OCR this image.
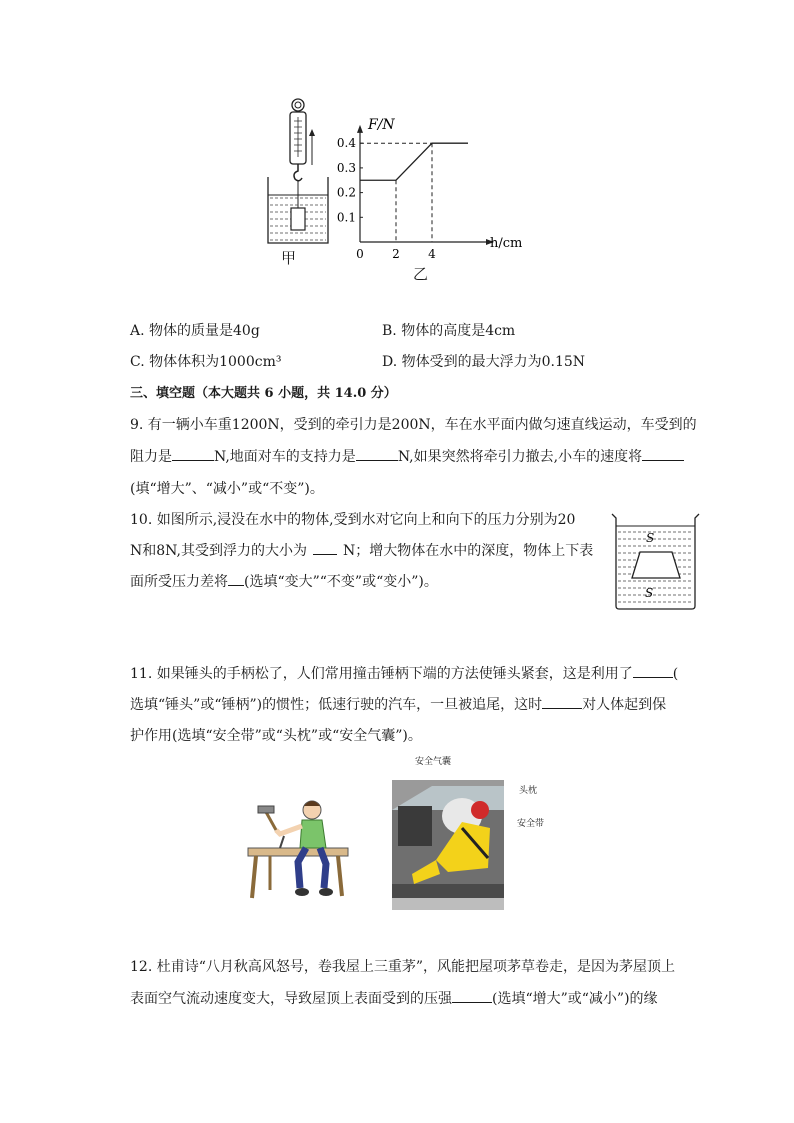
甲
F/N
h/cm
0.1
0.2
0.3
0.4
0 2 4
乙
A. 物体的质量是40g	B. 物体的高度是4cm
C. 物体体积为1000cm³	D. 物体受到的最大浮力为0.15N
三、填空题（本大题共 6 小题，共 14.0 分）
9. 有一辆小车重1200N，受到的牵引力是200N，车在水平面内做匀速直线运动，车受到的
阻力是	N,地面对车的支持力是	N,如果突然将牵引力撤去,小车的速度将
(填“增大”、“减小”或“不变”)。
10. 如图所示,浸没在水中的物体,受到水对它向上和向下的压力分别为20
N和8N,其受到浮力的大小为	N；增大物体在水中的深度，物体上下表
面所受压力差将 (选填“变大”“不变”或“变小”)。
S
S
11. 如果锤头的手柄松了，人们常用撞击锤柄下端的方法使锤头紧套，这是利用了	(
选填“锤头”或“锤柄”)的惯性；低速行驶的汽车，一旦被追尾，这时	对人体起到保
护作用(选填“安全带”或“头枕”或“安全气囊”)。
安全气囊
头枕
安全带
12. 杜甫诗“八月秋高风怒号，卷我屋上三重茅”，风能把屋项茅草卷走，是因为茅屋顶上
表面空气流动速度变大，导致屋顶上表面受到的压强	(选填“增大”或“减小”)的缘
